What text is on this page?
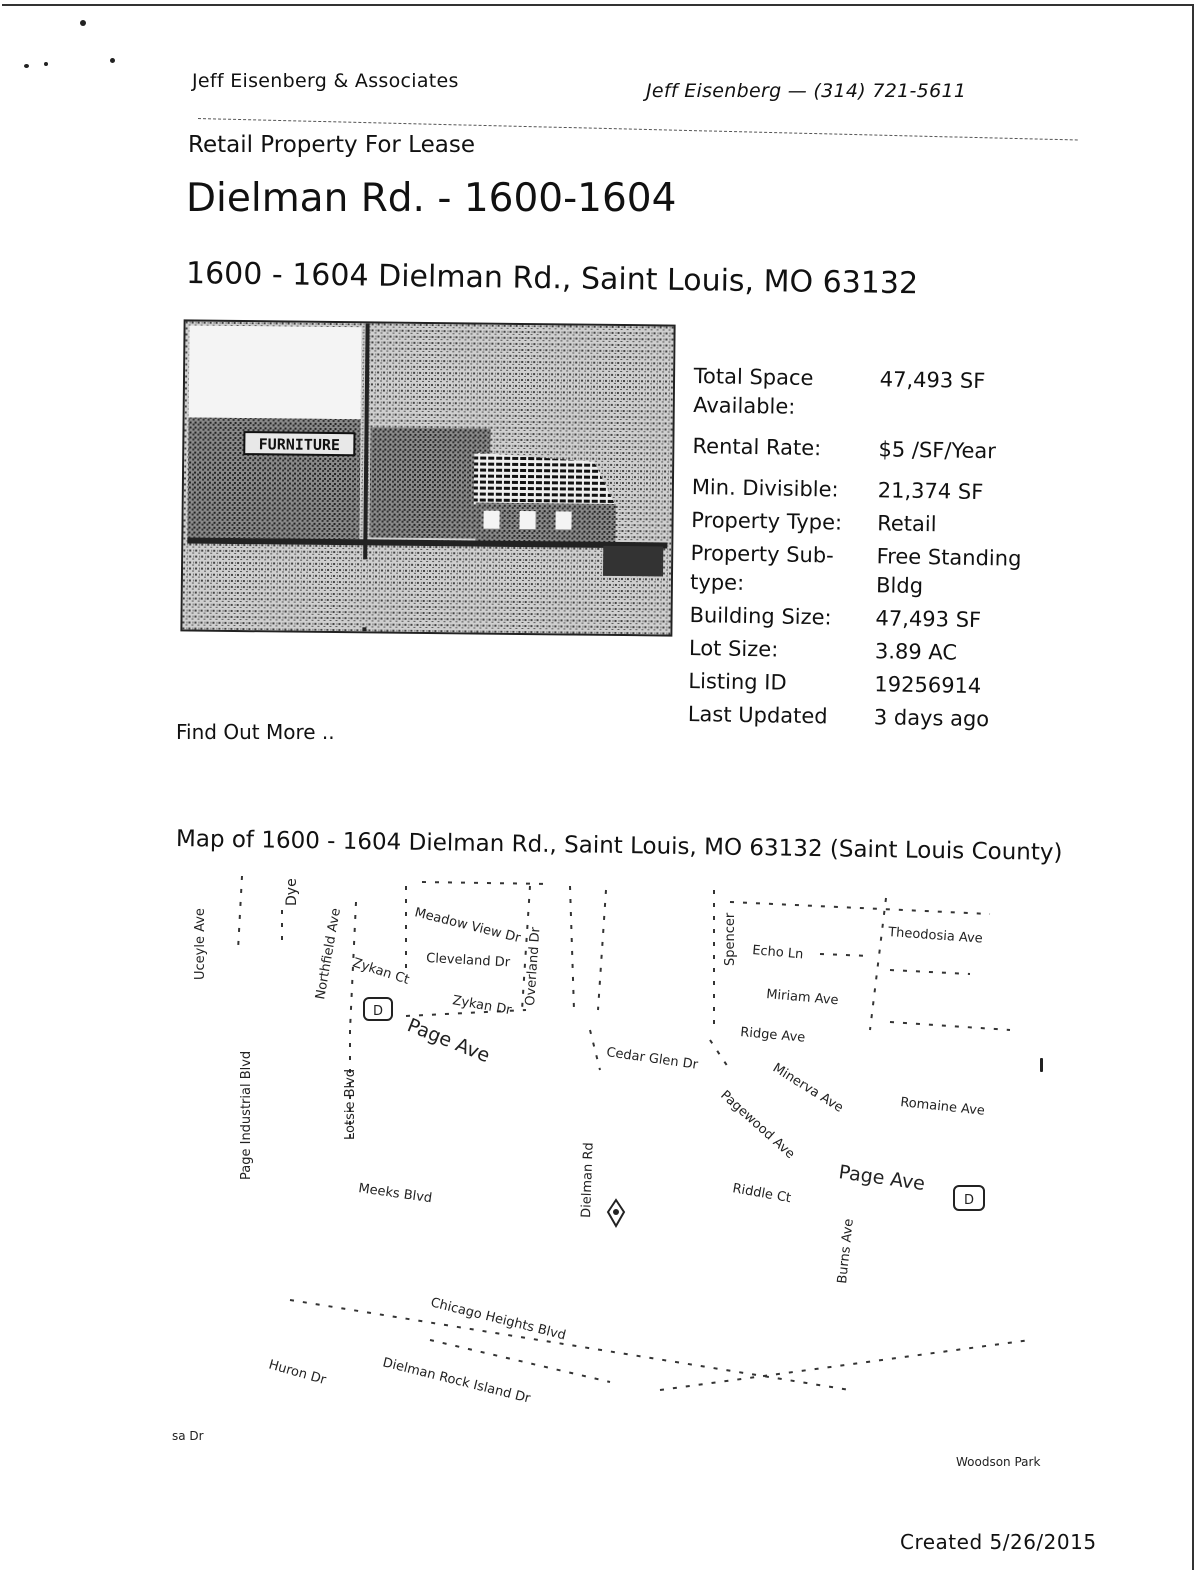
Jeff Eisenberg & Associates	Jeff Eisenberg — (314) 721-5611
Retail Property For Lease
Dielman Rd. - 1600-1604
1600 - 1604 Dielman Rd., Saint Louis, MO 63132
FURNITURE
Total Space Available:
47,493 SF
Rental Rate:	$5 /SF/Year
Min. Divisible:	21,374 SF
Property Type:	Retail
Property Sub-type:
Free Standing Bldg
Building Size:	47,493 SF
Lot Size:	3.89 AC
Listing ID	19256914
Last Updated	3 days ago
Find Out More ..
Map of 1600 - 1604 Dielman Rd., Saint Louis, MO 63132 (Saint Louis County)
D
D
Uceyle Ave
Dye
Northfield Ave	Meadow View Dr
Cleveland Dr Overland Dr
Zykan Ct
Zykan Dr
Page Ave
Page Industrial Blvd	Lotsie Blvd
Spencer Echo Ln
Theodosia Ave
Miriam Ave
Ridge Ave
Cedar Glen Dr
Minerva Ave	Romaine Ave
Pagewood Ave
Page Ave
Dielman Rd
Meeks Blvd	Riddle Ct
Burns Ave
Chicago Heights Blvd
Huron Dr	Dielman Rock Island Dr
sa Dr
Woodson Park
Created 5/26/2015
